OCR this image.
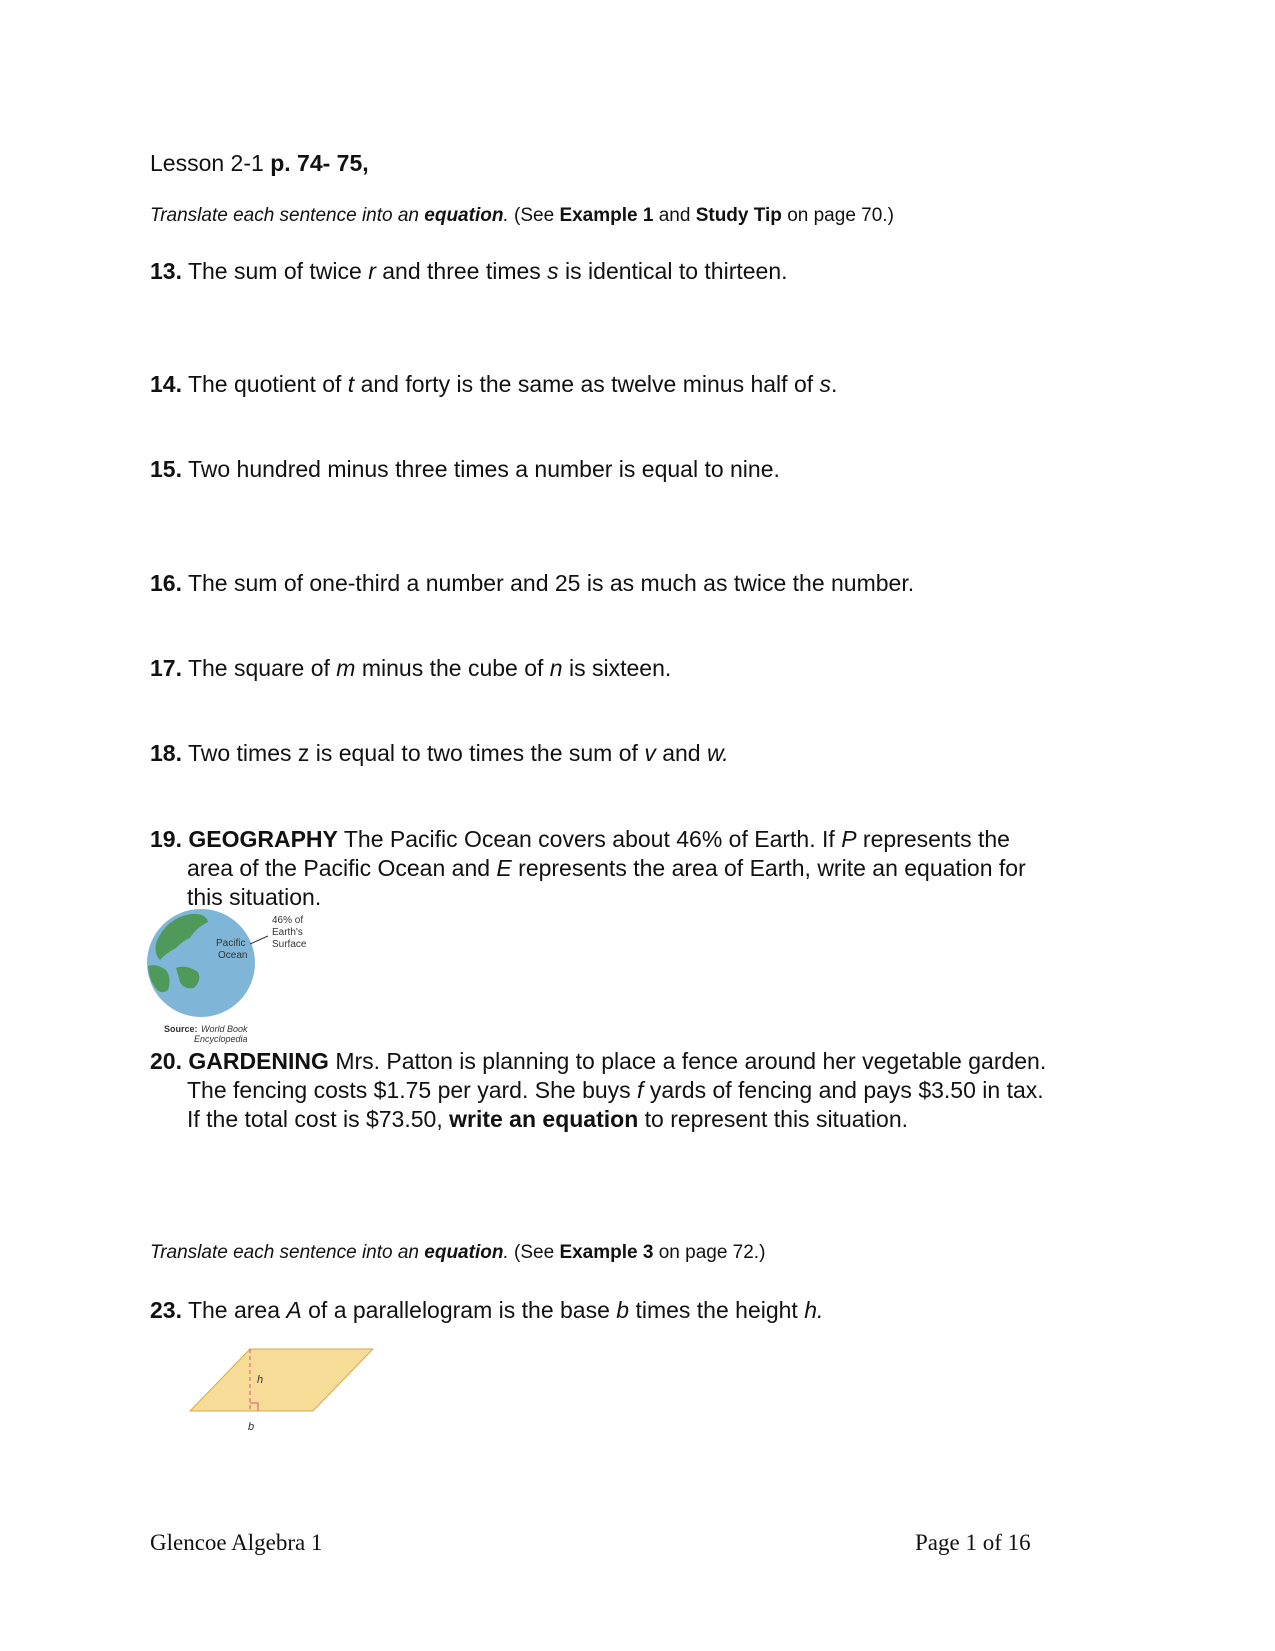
Lesson 2-1 p. 74- 75,
Translate each sentence into an equation. (See Example 1 and Study Tip on page 70.)
13. The sum of twice r and three times s is identical to thirteen.
14. The quotient of t and forty is the same as twelve minus half of s.
15. Two hundred minus three times a number is equal to nine.
16. The sum of one-third a number and 25 is as much as twice the number.
17. The square of m minus the cube of n is sixteen.
18. Two times z is equal to two times the sum of v and w.
19. GEOGRAPHY The Pacific Ocean covers about 46% of Earth. If P represents the
area of the Pacific Ocean and E represents the area of Earth, write an equation for
this situation.
Pacific
Ocean
46% of
Earth's
Surface
Source: World Book
Encyclopedia
20. GARDENING Mrs. Patton is planning to place a fence around her vegetable garden.
The fencing costs $1.75 per yard. She buys f yards of fencing and pays $3.50 in tax.
If the total cost is $73.50, write an equation to represent this situation.
Translate each sentence into an equation. (See Example 3 on page 72.)
23. The area A of a parallelogram is the base b times the height h.
h
b
Glencoe Algebra 1	Page 1 of 16
